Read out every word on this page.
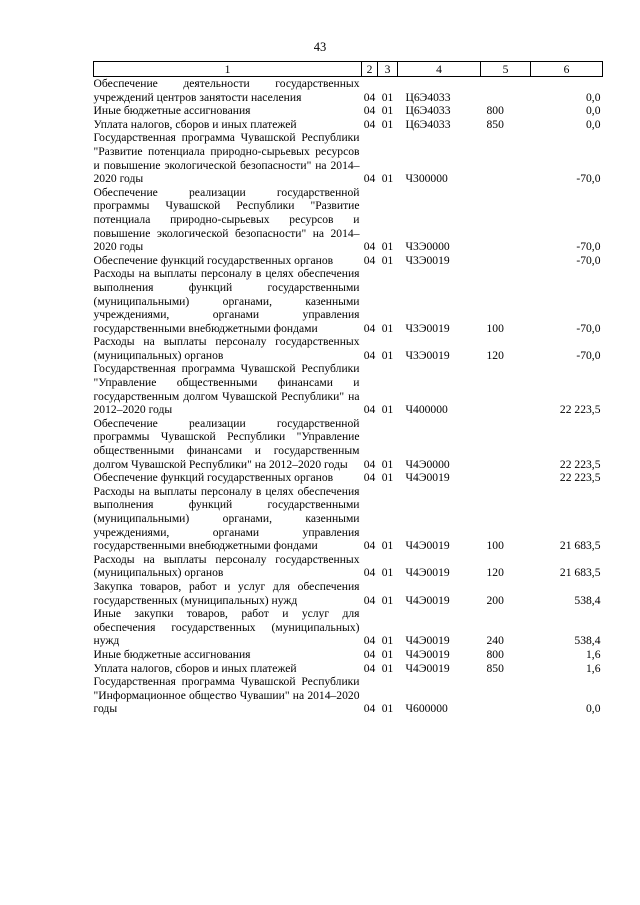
43
1	2	3	4	5	6
Обеспечение деятельности государственных учреждений центров занятости населения	04	01	Ц6Э4033		0,0
Иные бюджетные ассигнования	04	01	Ц6Э4033	800	0,0
Уплата налогов, сборов и иных платежей	04	01	Ц6Э4033	850	0,0
Государственная программа Чувашской Республики "Развитие потенциала природно-сырьевых ресурсов и повышение экологической безопасности" на 2014–2020 годы	04	01	Ч300000		-70,0
Обеспечение реализации государственной программы Чувашской Республики "Развитие потенциала природно-сырьевых ресурсов и повышение экологической безопасности" на 2014–2020 годы	04	01	Ч3Э0000		-70,0
Обеспечение функций государственных органов	04	01	Ч3Э0019		-70,0
Расходы на выплаты персоналу в целях обеспечения выполнения функций государственными (муниципальными) органами, казенными учреждениями, органами управления государственными внебюджетными фондами	04	01	Ч3Э0019	100	-70,0
Расходы на выплаты персоналу государственных (муниципальных) органов	04	01	Ч3Э0019	120	-70,0
Государственная программа Чувашской Республики "Управление общественными финансами и государственным долгом Чувашской Республики" на 2012–2020 годы	04	01	Ч400000		22 223,5
Обеспечение реализации государственной программы Чувашской Республики "Управление общественными финансами и государственным долгом Чувашской Республики" на 2012–2020 годы	04	01	Ч4Э0000		22 223,5
Обеспечение функций государственных органов	04	01	Ч4Э0019		22 223,5
Расходы на выплаты персоналу в целях обеспечения выполнения функций государственными (муниципальными) органами, казенными учреждениями, органами управления государственными внебюджетными фондами	04	01	Ч4Э0019	100	21 683,5
Расходы на выплаты персоналу государственных (муниципальных) органов	04	01	Ч4Э0019	120	21 683,5
Закупка товаров, работ и услуг для обеспечения государственных (муниципальных) нужд	04	01	Ч4Э0019	200	538,4
Иные закупки товаров, работ и услуг для обеспечения государственных (муниципальных) нужд	04	01	Ч4Э0019	240	538,4
Иные бюджетные ассигнования	04	01	Ч4Э0019	800	1,6
Уплата налогов, сборов и иных платежей	04	01	Ч4Э0019	850	1,6
Государственная программа Чувашской Республики "Информационное общество Чувашии" на 2014–2020 годы	04	01	Ч600000		0,0
